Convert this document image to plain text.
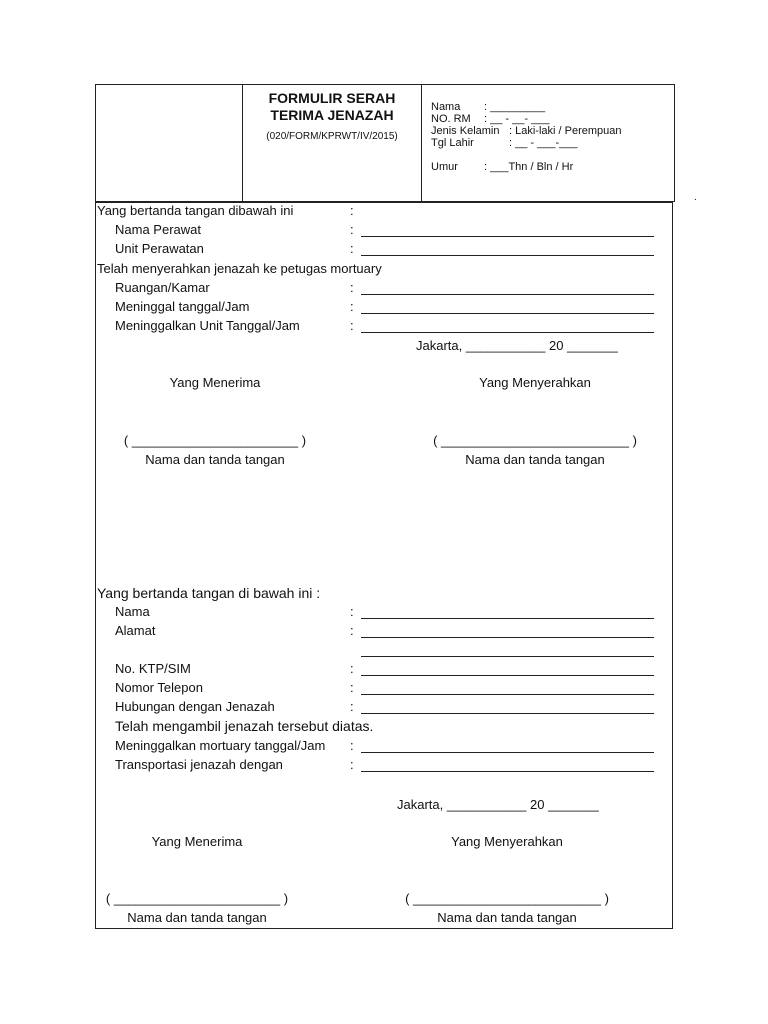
FORMULIR SERAH
TERIMA JENAZAH
(020/FORM/KPRWT/IV/2015)
Nama : _________
NO. RM : __ - __- ___
Jenis Kelamin : Laki-laki / Perempuan
Tgl Lahir	: __ - ___-___
Umur : ___Thn / Bln / Hr
.
Yang bertanda tangan dibawah ini	:
Nama Perawat	:
Unit Perawatan	:
Telah menyerahkan jenazah ke petugas mortuary
Ruangan/Kamar	:
Meninggal tanggal/Jam	:
Meninggalkan Unit Tanggal/Jam	:
Jakarta, ___________ 20 _______
Yang Menerima	Yang Menyerahkan
( _______________________ )	( __________________________ )
Nama dan tanda tangan	Nama dan tanda tangan
Yang bertanda tangan di bawah ini :
Nama	:
Alamat	:
No. KTP/SIM	:
Nomor Telepon	:
Hubungan dengan Jenazah	:
Telah mengambil jenazah tersebut diatas.
Meninggalkan mortuary tanggal/Jam :
Transportasi jenazah dengan	:
Jakarta, ___________ 20 _______
Yang Menerima	Yang Menyerahkan
( _______________________ )	( __________________________ )
Nama dan tanda tangan	Nama dan tanda tangan
